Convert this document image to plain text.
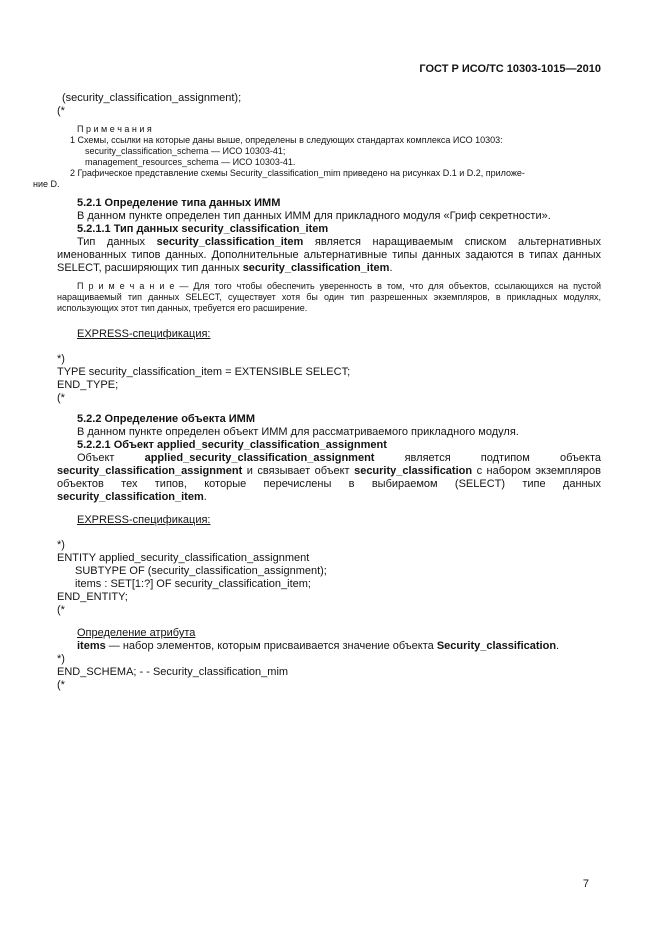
ГОСТ Р ИСО/ТС 10303-1015—2010
(security_classification_assignment);
(*
П р и м е ч а н и я
1 Схемы, ссылки на которые даны выше, определены в следующих стандартах комплекса ИСО 10303:
security_classification_schema — ИСО 10303-41;
management_resources_schema — ИСО 10303-41.
2 Графическое представление схемы Security_classification_mim приведено на рисунках D.1 и D.2, приложе-
ние D.
5.2.1 Определение типа данных ИММ

В данном пункте определен тип данных ИММ для прикладного модуля «Гриф секретности».

5.2.1.1 Тип данных security_classification_item

Тип данных security_classification_item является наращиваемым списком альтернативных именованных типов данных. Дополнительные альтернативные типы данных задаются в типах данных SELECT, расширяющих тип данных security_classification_item.

П р и м е ч а н и е — Для того чтобы обеспечить уверенность в том, что для объектов, ссылающихся на пустой наращиваемый тип данных SELECT, существует хотя бы один тип разрешенных экземпляров, в прикладных модулях, использующих этот тип данных, требуется его расширение.

EXPRESS-спецификация:
*)
TYPE security_classification_item = EXTENSIBLE SELECT;
END_TYPE;
(*
5.2.2 Определение объекта ИММ

В данном пункте определен объект ИММ для рассматриваемого прикладного модуля.

5.2.2.1 Объект applied_security_classification_assignment

Объект applied_security_classification_assignment является подтипом объекта security_classification_assignment и связывает объект security_classification с набором экземпляров объектов тех типов, которые перечислены в выбираемом (SELECT) типе данных security_classification_item.

EXPRESS-спецификация:
*)
ENTITY applied_security_classification_assignment
SUBTYPE OF (security_classification_assignment);
items : SET[1:?] OF security_classification_item;
END_ENTITY;
(*
Определение атрибута

items — набор элементов, которым присваивается значение объекта Security_classification.

*)
END_SCHEMA; - - Security_classification_mim
(*
7
